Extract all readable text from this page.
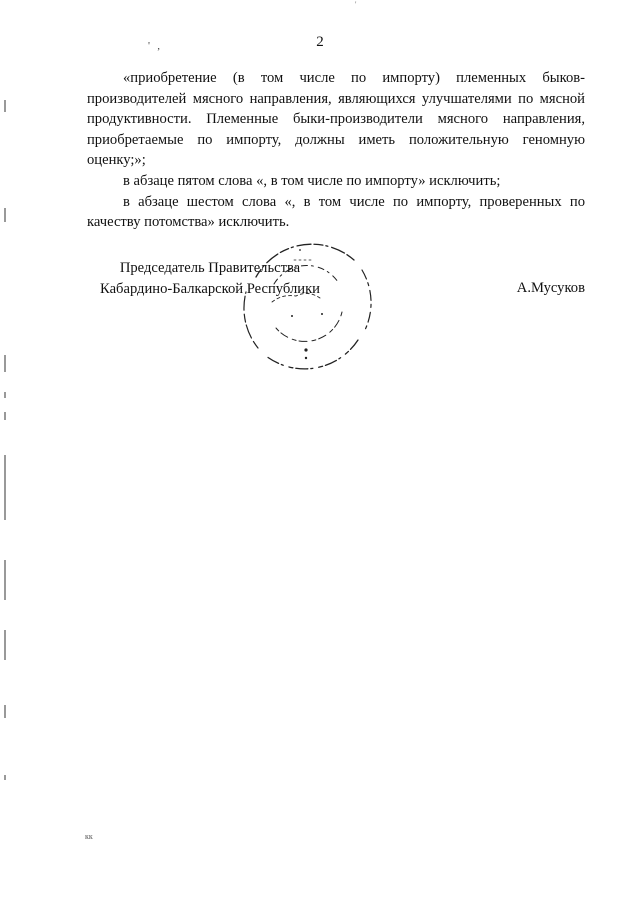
'
2
' ‚

«приобретение (в том числе по импорту) племенных быков-производителей мясного направления, являющихся улучшателями по мясной продуктивности. Племенные быки-производители мясного направления, приобретаемые по импорту, должны иметь положительную геномную оценку;»;

в абзаце пятом слова «, в том числе по импорту» исключить;

в абзаце шестом слова «, в том числе по импорту, проверенных по качеству потомства» исключить.

Председатель Правительства
Кабардино-Балкарской Республики	А.Мусуков
кк
